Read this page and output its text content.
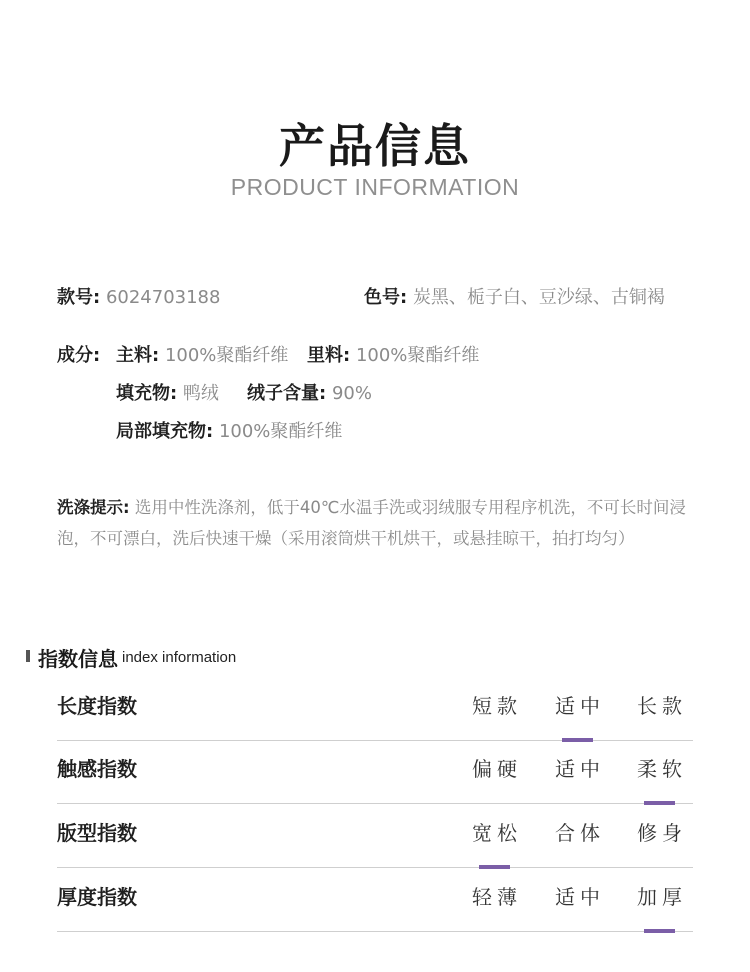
产品信息
PRODUCT INFORMATION
款号: 6024703188	色号: 炭黑、栀子白、豆沙绿、古铜褐
成分: 主料: 100%聚酯纤维 里料: 100%聚酯纤维
填充物: 鸭绒 绒子含量: 90%
局部填充物: 100%聚酯纤维
洗涤提示: 选用中性洗涤剂，低于40℃水温手洗或羽绒服专用程序机洗，不可长时间浸泡，不可漂白，洗后快速干燥（采用滚筒烘干机烘干，或悬挂晾干，拍打均匀）
指数信息 index information
长度指数	短款	适中	长款
触感指数	偏硬	适中	柔软
版型指数	宽松	合体	修身
厚度指数	轻薄	适中	加厚
